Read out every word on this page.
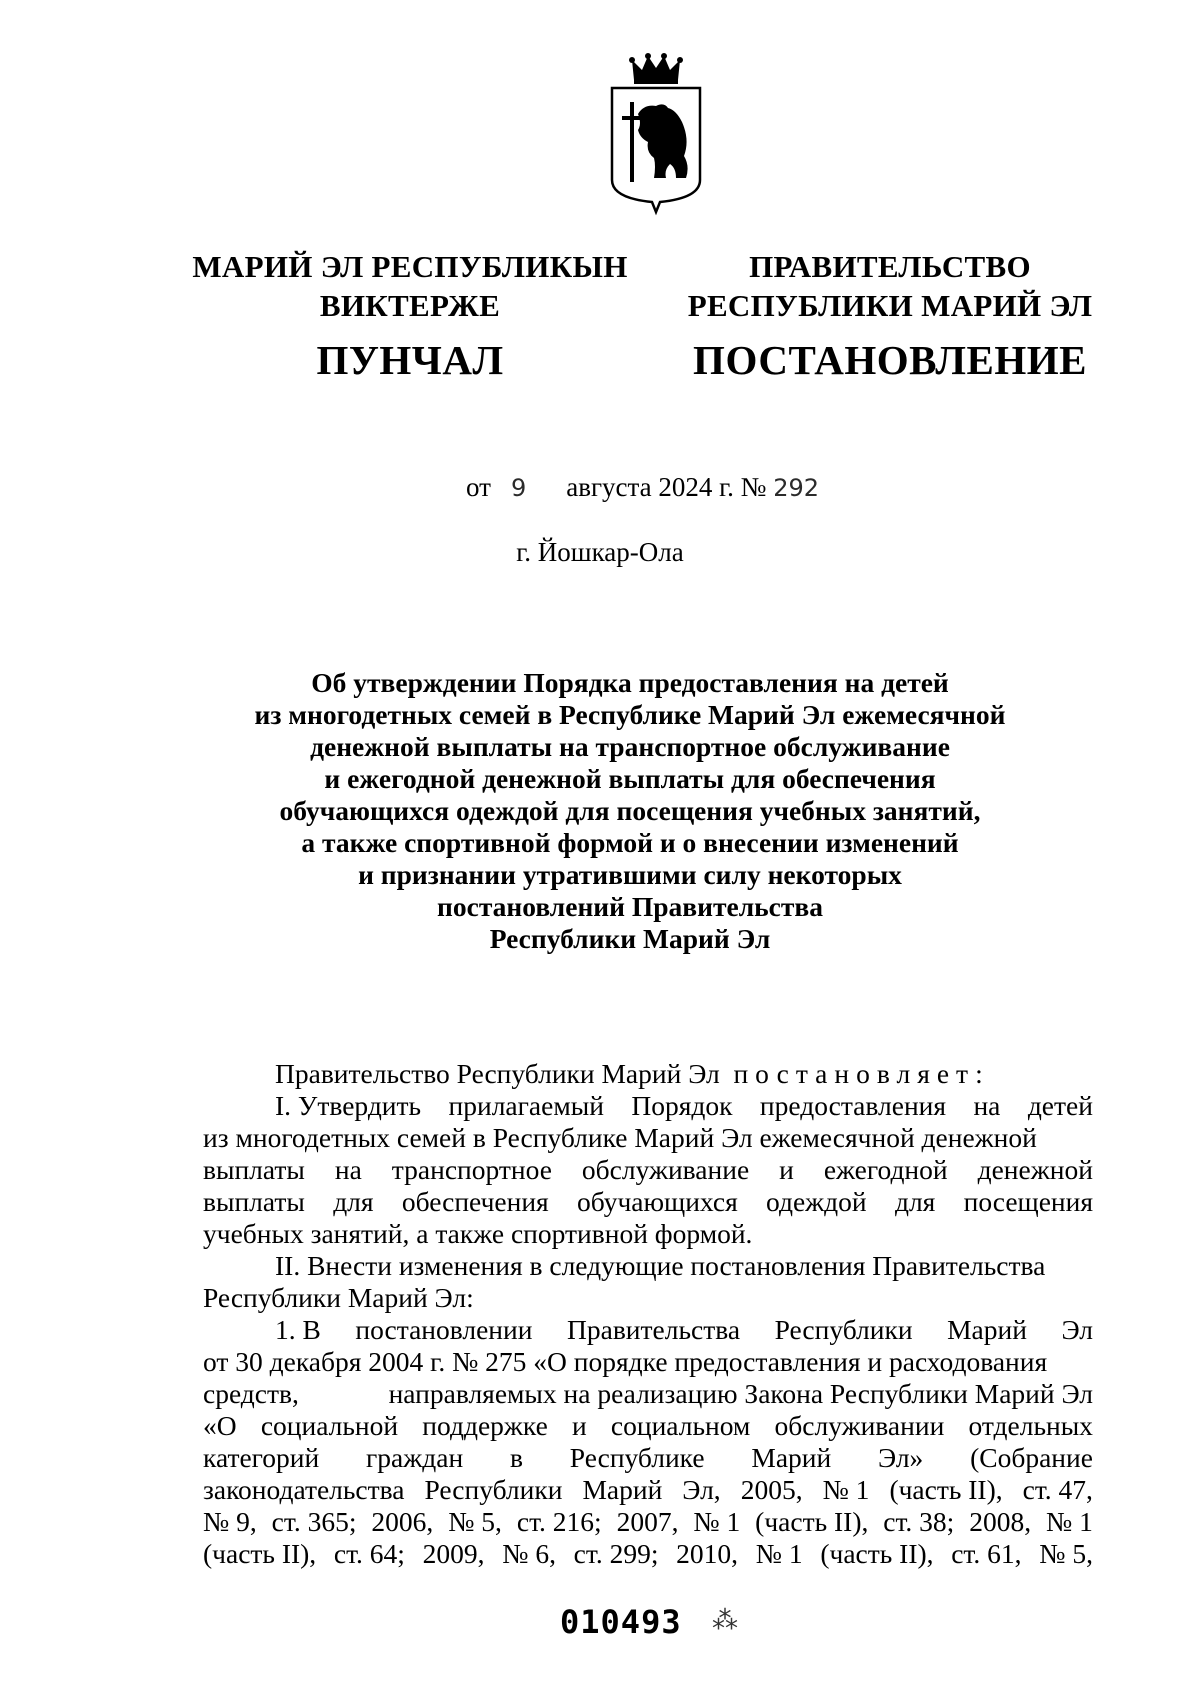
МАРИЙ ЭЛ РЕСПУБЛИКЫН
ВИКТЕРЖЕ
ПУНЧАЛ
ПРАВИТЕЛЬСТВО
РЕСПУБЛИКИ МАРИЙ ЭЛ
ПОСТАНОВЛЕНИЕ
от 9 августа 2024 г. № 292
г. Йошкар-Ола
Об утверждении Порядка предоставления на детей
из многодетных семей в Республике Марий Эл ежемесячной
денежной выплаты на транспортное обслуживание
и ежегодной денежной выплаты для обеспечения
обучающихся одеждой для посещения учебных занятий,
а также спортивной формой и о внесении изменений
и признании утратившими силу некоторых
постановлений Правительства
Республики Марий Эл
Правительство Республики Марий Эл
постановляет:
I. Утвердить прилагаемый Порядок предоставления на детей
из многодетных семей в Республике Марий Эл ежемесячной денежной
выплаты на транспортное обслуживание и ежегодной денежной
выплаты для обеспечения обучающихся одеждой для посещения
учебных занятий, а также спортивной формой.
II. Внести изменения в следующие постановления Правительства
Республики Марий Эл:
1. В постановлении Правительства Республики Марий Эл
от 30 декабря 2004 г. № 275 «О порядке предоставления и расходования
средств,	направляемых на реализацию Закона Республики Марий Эл
«О социальной поддержке и социальном обслуживании отдельных
категорий граждан в Республике Марий Эл» (Собрание
законодательства Республики Марий Эл, 2005, № 1 (часть II), ст. 47,
№ 9, ст. 365; 2006, № 5, ст. 216; 2007, № 1 (часть II), ст. 38; 2008, № 1
(часть II), ст. 64; 2009, № 6, ст. 299; 2010, № 1 (часть II), ст. 61, № 5,
010493 ⁂
